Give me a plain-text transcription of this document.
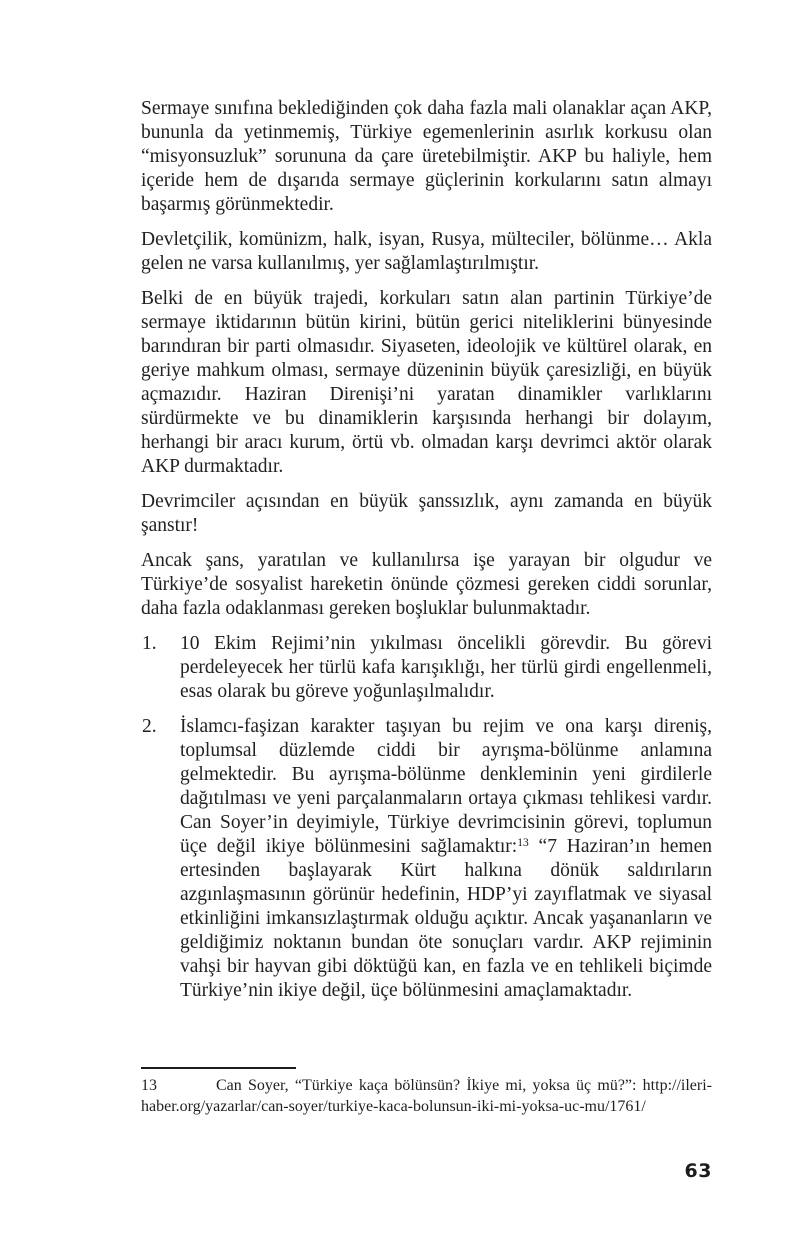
Sermaye sınıfına beklediğinden çok daha fazla mali olanaklar açan AKP, bununla da yetinmemiş, Türkiye egemenlerinin asırlık korkusu olan “misyonsuzluk” sorununa da çare üretebilmiştir. AKP bu haliyle, hem içeride hem de dışarıda sermaye güçlerinin korkularını satın almayı başarmış görünmektedir.

Devletçilik, komünizm, halk, isyan, Rusya, mülteciler, bölünme… Akla gelen ne varsa kullanılmış, yer sağlamlaştırılmıştır.

Belki de en büyük trajedi, korkuları satın alan partinin Türkiye’de sermaye iktidarının bütün kirini, bütün gerici niteliklerini bünyesinde barındıran bir parti olmasıdır. Siyaseten, ideolojik ve kültürel olarak, en geriye mahkum olması, sermaye düzeninin büyük çaresizliği, en büyük açmazıdır. Haziran Direnişi’ni yaratan dinamikler varlıklarını sürdürmekte ve bu dinamiklerin karşısında herhangi bir dolayım, herhangi bir aracı kurum, örtü vb. olmadan karşı devrimci aktör olarak AKP durmaktadır.

Devrimciler açısından en büyük şanssızlık, aynı zamanda en büyük şanstır!

Ancak şans, yaratılan ve kullanılırsa işe yarayan bir olgudur ve Türkiye’de sosyalist hareketin önünde çözmesi gereken ciddi sorunlar, daha fazla odaklanması gereken boşluklar bulunmaktadır.

1. 10 Ekim Rejimi’nin yıkılması öncelikli görevdir. Bu görevi perdeleyecek her türlü kafa karışıklığı, her türlü girdi engellenmeli, esas olarak bu göreve yoğunlaşılmalıdır.
2. İslamcı-faşizan karakter taşıyan bu rejim ve ona karşı direniş, toplumsal düzlemde ciddi bir ayrışma-bölünme anlamına gelmektedir. Bu ayrışma-bölünme denkleminin yeni girdilerle dağıtılması ve yeni parçalanmaların ortaya çıkması tehlikesi vardır. Can Soyer’in deyimiyle, Türkiye devrimcisinin görevi, toplumun üçe değil ikiye bölünmesini sağlamaktır:$^{13}$ “7 Haziran’ın hemen ertesinden başlayarak Kürt halkına dönük saldırıların azgınlaşmasının görünür hedefinin, HDP’yi zayıflatmak ve siyasal etkinliğini imkansızlaştırmak olduğu açıktır. Ancak yaşananların ve geldiğimiz noktanın bundan öte sonuçları vardır. AKP rejiminin vahşi bir hayvan gibi döktüğü kan, en fazla ve en tehlikeli biçimde Türkiye’nin ikiye değil, üçe bölünmesini amaçlamaktadır.

13	Can Soyer, “Türkiye kaça bölünsün? İkiye mi, yoksa üç mü?”: http://ileri-haber.org/yazarlar/can-soyer/turkiye-kaca-bolunsun-iki-mi-yoksa-uc-mu/1761/

63
